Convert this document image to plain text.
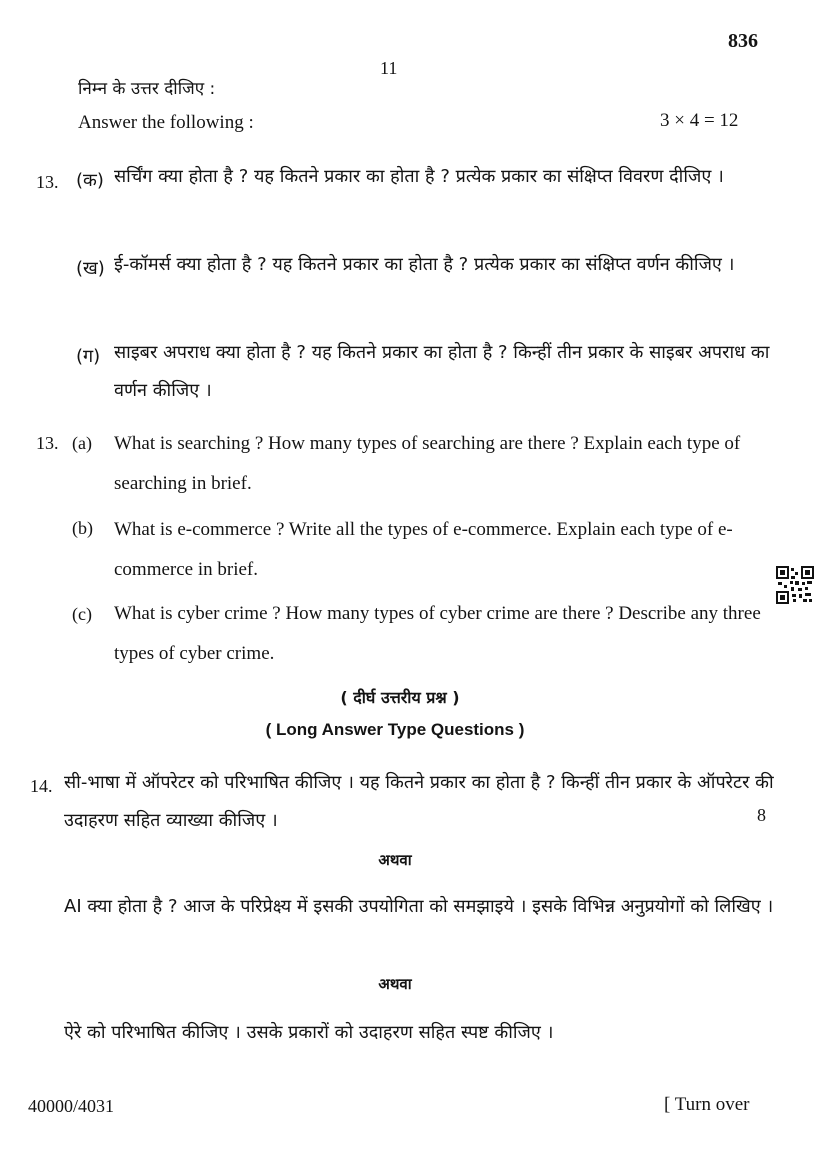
836
11
निम्न के उत्तर दीजिए :
Answer the following :	3 × 4 = 12
13. (क) सर्चिंग क्या होता है ? यह कितने प्रकार का होता है ? प्रत्येक प्रकार का संक्षिप्त विवरण दीजिए ।
(ख) ई-कॉमर्स क्या होता है ? यह कितने प्रकार का होता है ? प्रत्येक प्रकार का संक्षिप्त वर्णन कीजिए ।
(ग) साइबर अपराध क्या होता है ? यह कितने प्रकार का होता है ? किन्हीं तीन प्रकार के साइबर अपराध का वर्णन कीजिए ।
13. (a) What is searching ? How many types of searching are there ? Explain each type of searching in brief.
(b) What is e-commerce ? Write all the types of e-commerce. Explain each type of e-commerce in brief.
(c) What is cyber crime ? How many types of cyber crime are there ? Describe any three types of cyber crime.
( दीर्घ उत्तरीय प्रश्न )
( Long Answer Type Questions )
14. सी-भाषा में ऑपरेटर को परिभाषित कीजिए । यह कितने प्रकार का होता है ? किन्हीं तीन प्रकार के ऑपरेटर की उदाहरण सहित व्याख्या कीजिए ।	8
अथवा
AI क्या होता है ? आज के परिप्रेक्ष्य में इसकी उपयोगिता को समझाइये । इसके विभिन्न अनुप्रयोगों को लिखिए ।
अथवा
ऐरे को परिभाषित कीजिए । उसके प्रकारों को उदाहरण सहित स्पष्ट कीजिए ।
40000/4031	[ Turn over
